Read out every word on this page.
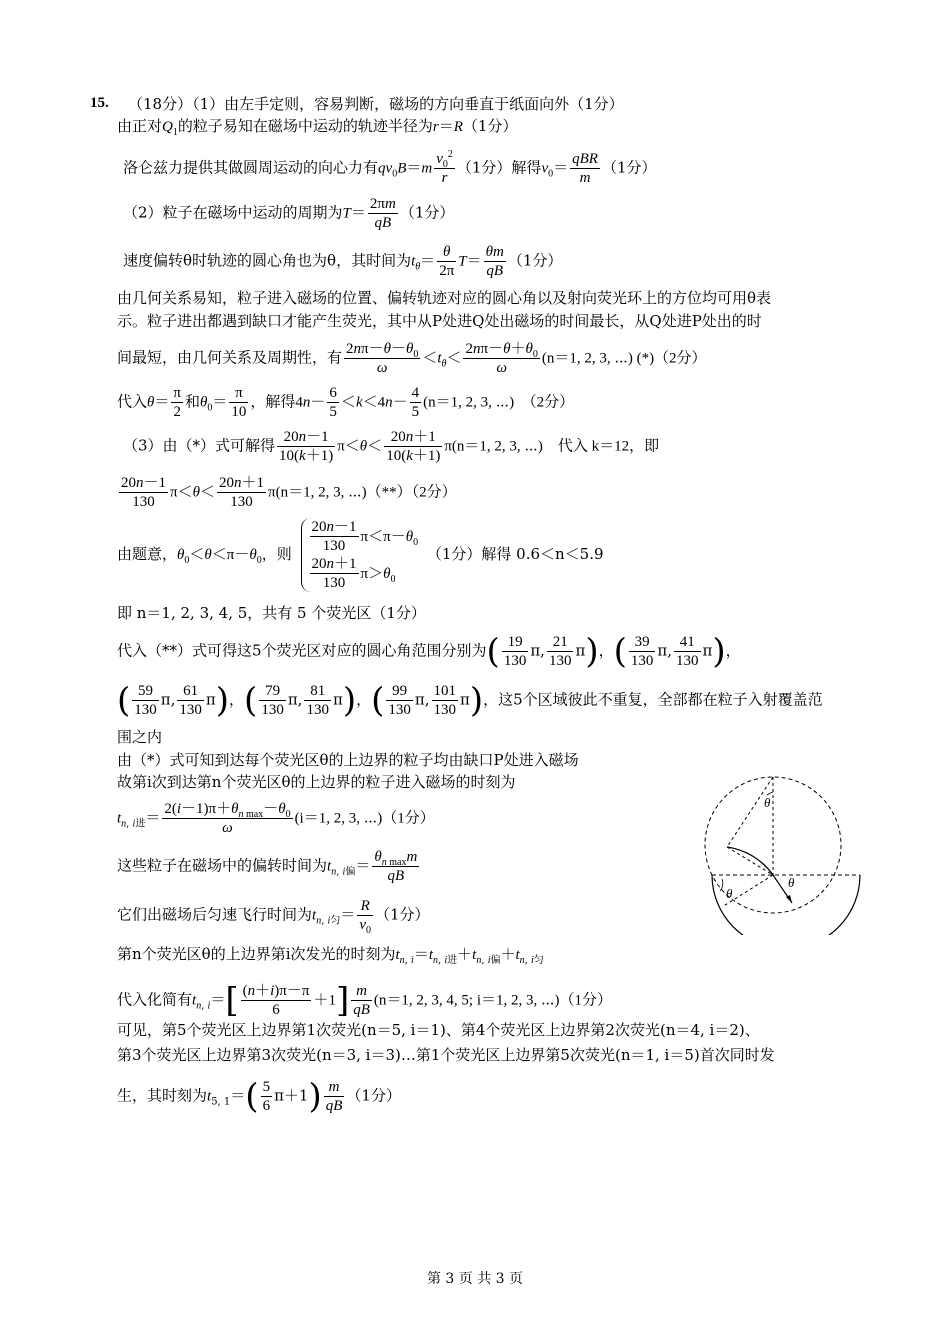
15. （18分）（1）由左手定则，容易判断，磁场的方向垂直于纸面向外（1分）
由正对$Q_1$的粒子易知在磁场中运动的轨迹半径为r＝R（1分）
洛仑兹力提供其做圆周运动的向心力有$qv_0B=m \frac{v_0^2}{r} (1$分）解得$v_0= \frac{\text{qBR}}{m} (1$分）
（2）粒子在磁场中运动的周期为$T= \frac{2\pi m}{qB} (1$分）
速度偏转θ时轨迹的圆心角也为θ，其时间为$t_\theta= \frac{\theta}{2\pi} T= \frac{\theta m}{qB} (1$分）
由几何关系易知，粒子进入磁场的位置、偏转轨迹对应的圆心角以及射向荧光环上的方位均可用θ表
示。粒子进出都遇到缺口才能产生荧光，其中从P处进Q处出磁场的时间最长，从Q处进P处出的时
间最短，由几何关系及周期性，有 $\frac{2n\pi-\theta-\theta_0}{\omega} <t_\theta< \frac{2n\pi-\theta+\theta_0}{\omega} (n=1$, 2, 3, ⋯) (*)（2分）
代入$\theta= \frac{\pi}{2}$ 和$\theta_0= \frac{\pi}{10}$ ，解得$4n- \frac{6}{5} <k<4n- \frac{4}{5} (n=1$, 2, 3, ⋯)　（2分）
（3）由（*）式可解得 $\frac{20n-1}{10(k+1)} \pi<\theta< \frac{20n+1}{10(k+1)} \pi(n=1$, 2, 3, ⋯)　代入 k＝12，即
$\frac{20n-1}{130} \pi<\theta< \frac{20n+1}{130} \pi(n=1$, 2, 3, ⋯)（**）（2分）
由题意，$\theta_0<\theta<\pi-\theta_0$，则 $\frac{20n-1}{130} \pi<\pi-\theta_0$
$\frac{20n+1}{130} \pi>\theta_0$
（1分）解得 0.6＜n＜5.9
即 n＝1, 2, 3, 4, 5，共有 5 个荧光区（1分）
代入（**）式可得这5个荧光区对应的圆心角范围分别为( $\frac{19}{130} \pi$, $\frac{21}{130} \pi$)，( $\frac{39}{130} \pi$, $\frac{41}{130} \pi$)，
( $\frac{59}{130} \pi$, $\frac{61}{130} \pi$)，( $\frac{79}{130} \pi$, $\frac{81}{130} \pi$)，( $\frac{99}{130} \pi$, $\frac{101}{130} \pi$)，这5个区域彼此不重复，全部都在粒子入射覆盖范
围之内
由（*）式可知到达每个荧光区θ的上边界的粒子均由缺口P处进入磁场
故第i次到达第n个荧光区θ的上边界的粒子进入磁场的时刻为
$t_{n, i进}= \frac{2(i-1)\pi+\theta_{n max}-\theta_0}{\omega} (i=1$, 2, 3, ⋯)（1分）
这些粒子在磁场中的偏转时间为$t_{n, i偏}= \frac{\theta_{n max}m}{qB}$
它们出磁场后匀速飞行时间为$t_{n, i匀}= \frac{R}{v_0} (1$分）
第n个荧光区θ的上边界第i次发光的时刻为$t_{n, i}=t_{n, i进}+t_{n, i偏}+t_{n, i匀}$
代入化简有$t_{n, i}=[ \frac{(n+i)\pi-\pi}{6} +1] \frac{m}{qB} (n=1$, 2, 3, 4, 5; i＝1, 2, 3, ⋯)（1分）
可见，第5个荧光区上边界第1次荧光(n＝5, i＝1)、第4个荧光区上边界第2次荧光(n＝4, i＝2)、
第3个荧光区上边界第3次荧光(n＝3, i＝3)…第1个荧光区上边界第5次荧光(n＝1, i＝5)首次同时发
生，其时刻为$t_{5, 1}=( \frac{5}{6} \pi+1) \frac{m}{qB} (1$分）
θ
θ
θ
第 3 页 共 3 页
